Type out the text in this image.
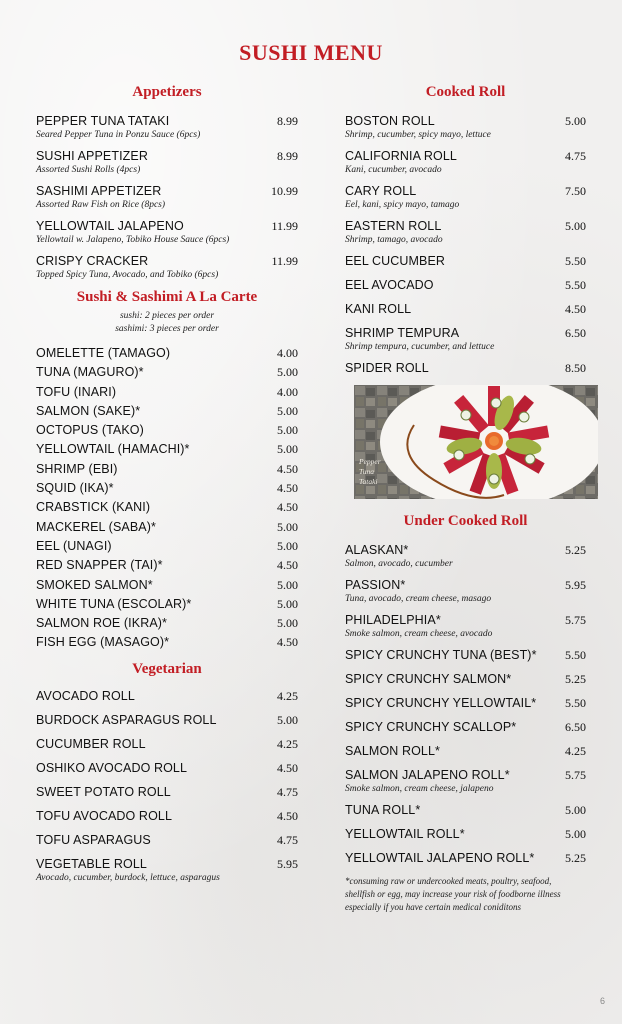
SUSHI MENU
Appetizers
PEPPER TUNA TATAKI	8.99
Seared Pepper Tuna in Ponzu Sauce (6pcs)
SUSHI APPETIZER	8.99
Assorted Sushi Rolls (4pcs)
SASHIMI APPETIZER	10.99
Assorted Raw Fish on Rice (8pcs)
YELLOWTAIL JALAPENO	11.99
Yellowtail w. Jalapeno, Tobiko House Sauce (6pcs)
CRISPY CRACKER	11.99
Topped Spicy Tuna, Avocado, and Tobiko (6pcs)
Sushi & Sashimi A La Carte
sushi: 2 pieces per order
sashimi: 3 pieces per order
OMELETTE (TAMAGO)	4.00
TUNA (MAGURO)*	5.00
TOFU (INARI)	4.00
SALMON (SAKE)*	5.00
OCTOPUS (TAKO)	5.00
YELLOWTAIL (HAMACHI)*	5.00
SHRIMP (EBI)	4.50
SQUID (IKA)*	4.50
CRABSTICK (KANI)	4.50
MACKEREL (SABA)*	5.00
EEL (UNAGI)	5.00
RED SNAPPER (TAI)*	4.50
SMOKED SALMON*	5.00
WHITE TUNA (ESCOLAR)*	5.00
SALMON ROE (IKRA)*	5.00
FISH EGG (MASAGO)*	4.50
Vegetarian
AVOCADO ROLL	4.25
BURDOCK ASPARAGUS ROLL	5.00
CUCUMBER ROLL	4.25
OSHIKO AVOCADO ROLL	4.50
SWEET POTATO ROLL	4.75
TOFU AVOCADO ROLL	4.50
TOFU ASPARAGUS	4.75
VEGETABLE ROLL	5.95
Avocado, cucumber, burdock, lettuce, asparagus
Cooked Roll
BOSTON ROLL	5.00
Shrimp, cucumber, spicy mayo, lettuce
CALIFORNIA ROLL	4.75
Kani, cucumber, avocado
CARY ROLL	7.50
Eel, kani, spicy mayo, tamago
EASTERN ROLL	5.00
Shrimp, tamago, avocado
EEL CUCUMBER	5.50
EEL AVOCADO	5.50
KANI ROLL	4.50
SHRIMP TEMPURA	6.50
Shrimp tempura, cucumber, and lettuce
SPIDER ROLL	8.50
Pepper
Tuna
Tataki
Under Cooked Roll
ALASKAN*	5.25
Salmon, avocado, cucumber
PASSION*	5.95
Tuna, avocado, cream cheese, masago
PHILADELPHIA*	5.75
Smoke salmon, cream cheese, avocado
SPICY CRUNCHY TUNA (BEST)*	5.50
SPICY CRUNCHY SALMON*	5.25
SPICY CRUNCHY YELLOWTAIL*	5.50
SPICY CRUNCHY SCALLOP*	6.50
SALMON ROLL*	4.25
SALMON JALAPENO ROLL*	5.75
Smoke salmon, cream cheese, jalapeno
TUNA ROLL*	5.00
YELLOWTAIL ROLL*	5.00
YELLOWTAIL JALAPENO ROLL*	5.25
*consuming raw or undercooked meats, poultry, seafood, shellfish or egg, may increase your risk of foodborne illness especially if you have certain medical coniditons
6
